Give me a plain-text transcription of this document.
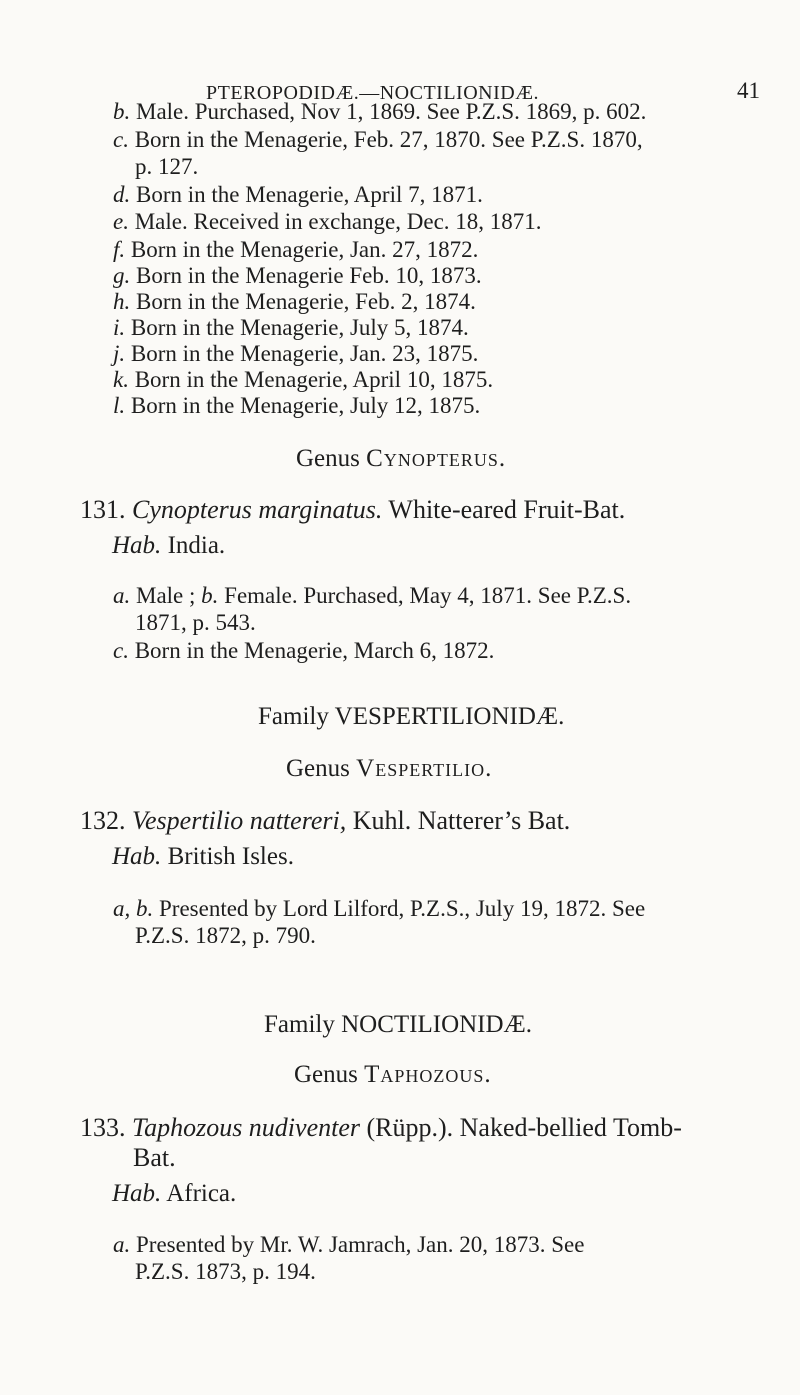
PTEROPODIDÆ.—NOCTILIONIDÆ.	41
b. Male. Purchased, Nov 1, 1869. See P.Z.S. 1869, p. 602.
c. Born in the Menagerie, Feb. 27, 1870. See P.Z.S. 1870,
p. 127.
d. Born in the Menagerie, April 7, 1871.
e. Male. Received in exchange, Dec. 18, 1871.
f. Born in the Menagerie, Jan. 27, 1872.
g. Born in the Menagerie Feb. 10, 1873.
h. Born in the Menagerie, Feb. 2, 1874.
i. Born in the Menagerie, July 5, 1874.
j. Born in the Menagerie, Jan. 23, 1875.
k. Born in the Menagerie, April 10, 1875.
l. Born in the Menagerie, July 12, 1875.
Genus Cynopterus.
131. Cynopterus marginatus. White-eared Fruit-Bat.
Hab. India.
a. Male ; b. Female. Purchased, May 4, 1871. See P.Z.S.
1871, p. 543.
c. Born in the Menagerie, March 6, 1872.
Family VESPERTILIONIDÆ.
Genus Vespertilio.
132. Vespertilio nattereri, Kuhl. Natterer’s Bat.
Hab. British Isles.
a, b. Presented by Lord Lilford, P.Z.S., July 19, 1872. See
P.Z.S. 1872, p. 790.
Family NOCTILIONIDÆ.
Genus Taphozous.
133. Taphozous nudiventer (Rüpp.). Naked-bellied Tomb-
Bat.
Hab. Africa.
a. Presented by Mr. W. Jamrach, Jan. 20, 1873. See
P.Z.S. 1873, p. 194.
